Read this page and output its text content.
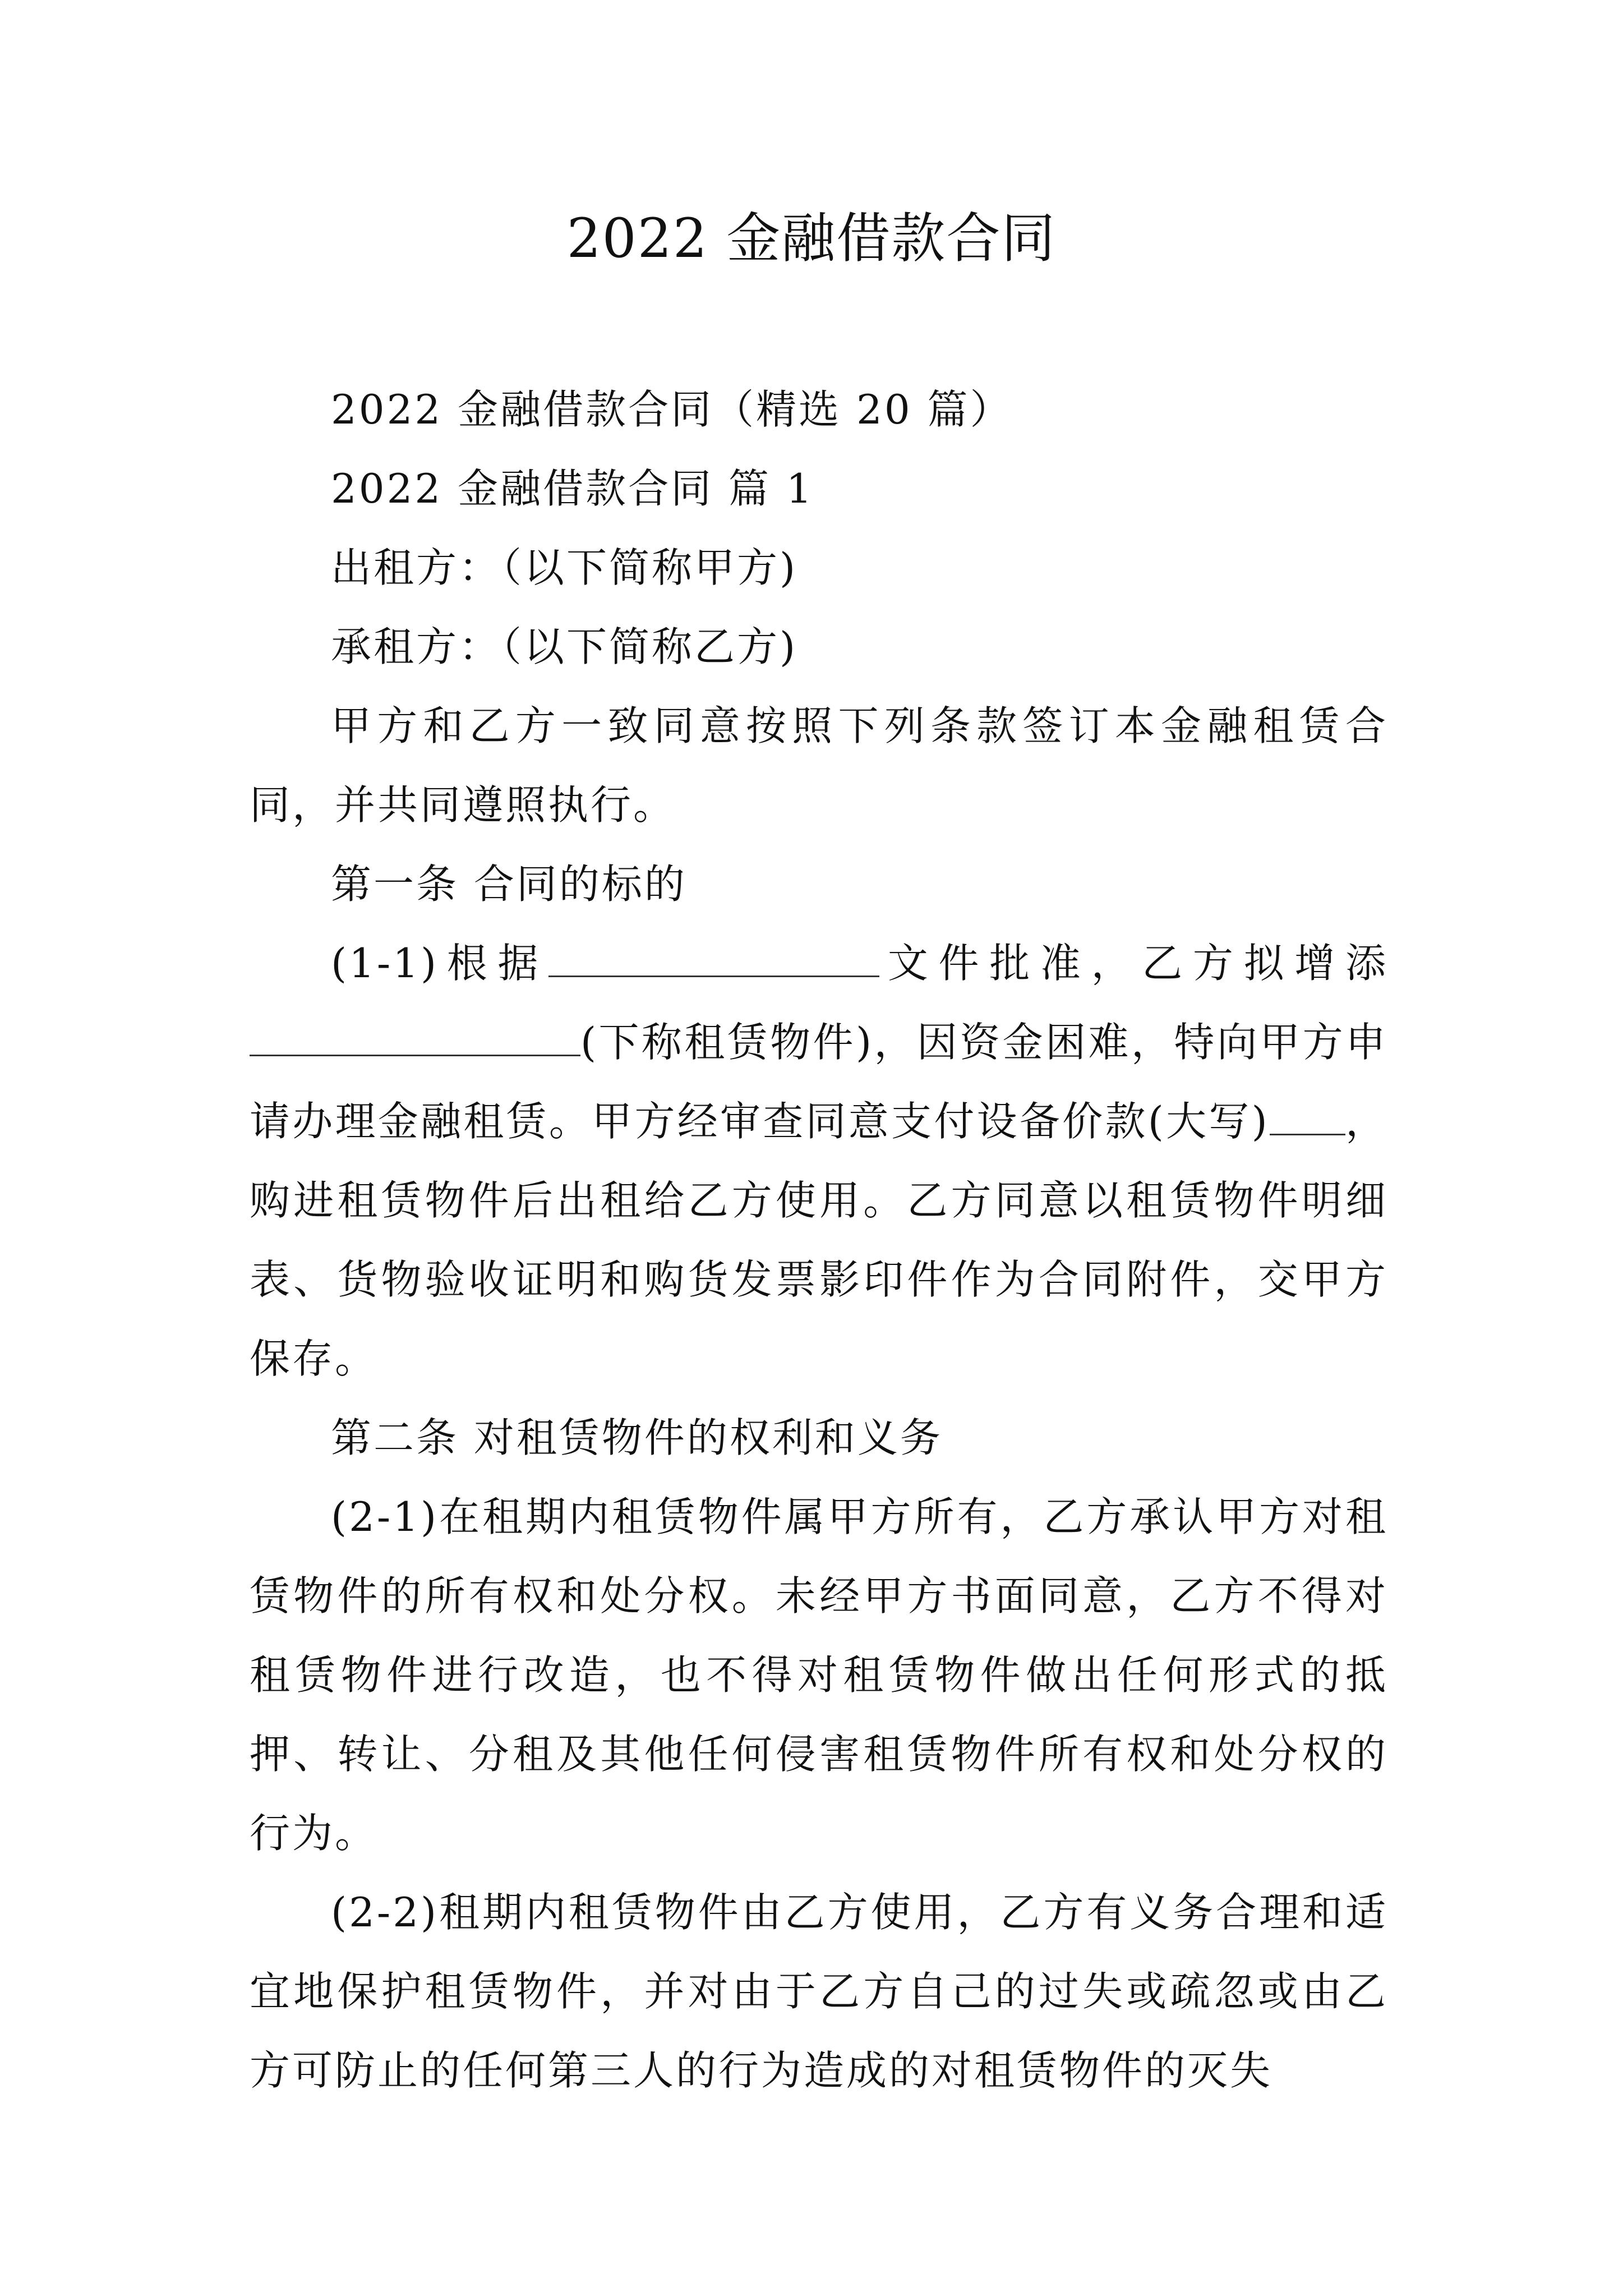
2022 金融借款合同

2022 金融借款合同（精选 20 篇）

2022 金融借款合同 篇 1

出租方：（以下简称甲方)

承租方：（以下简称乙方)

甲方和乙方一致同意按照下列条款签订本金融租赁合同，并共同遵照执行。

第一条 合同的标的

(1-1)根据	文件批准，乙方拟增添(下称租赁物件)，因资金困难，特向甲方申请办理金融租赁。甲方经审查同意支付设备价款(大写) ，购进租赁物件后出租给乙方使用。乙方同意以租赁物件明细表、货物验收证明和购货发票影印件作为合同附件，交甲方保存。

第二条 对租赁物件的权利和义务

(2-1)在租期内租赁物件属甲方所有，乙方承认甲方对租赁物件的所有权和处分权。未经甲方书面同意，乙方不得对租赁物件进行改造，也不得对租赁物件做出任何形式的抵押、转让、分租及其他任何侵害租赁物件所有权和处分权的行为。

(2-2)租期内租赁物件由乙方使用，乙方有义务合理和适宜地保护租赁物件，并对由于乙方自己的过失或疏忽或由乙方可防止的任何第三人的行为造成的对租赁物件的灭失
